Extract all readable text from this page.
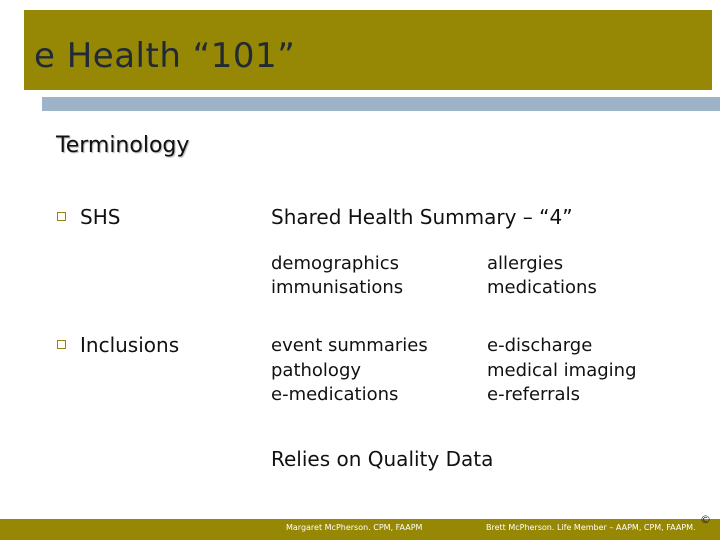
e Health “101”
Terminology
SHS
Inclusions
Shared Health Summary – “4”
demographics
immunisations
allergies
medications
event summaries
pathology
e-medications
e-discharge
medical imaging
e-referrals
Relies on Quality Data
Margaret McPherson. CPM, FAAPM	Brett McPherson. Life Member – AAPM, CPM, FAAPM.
©
